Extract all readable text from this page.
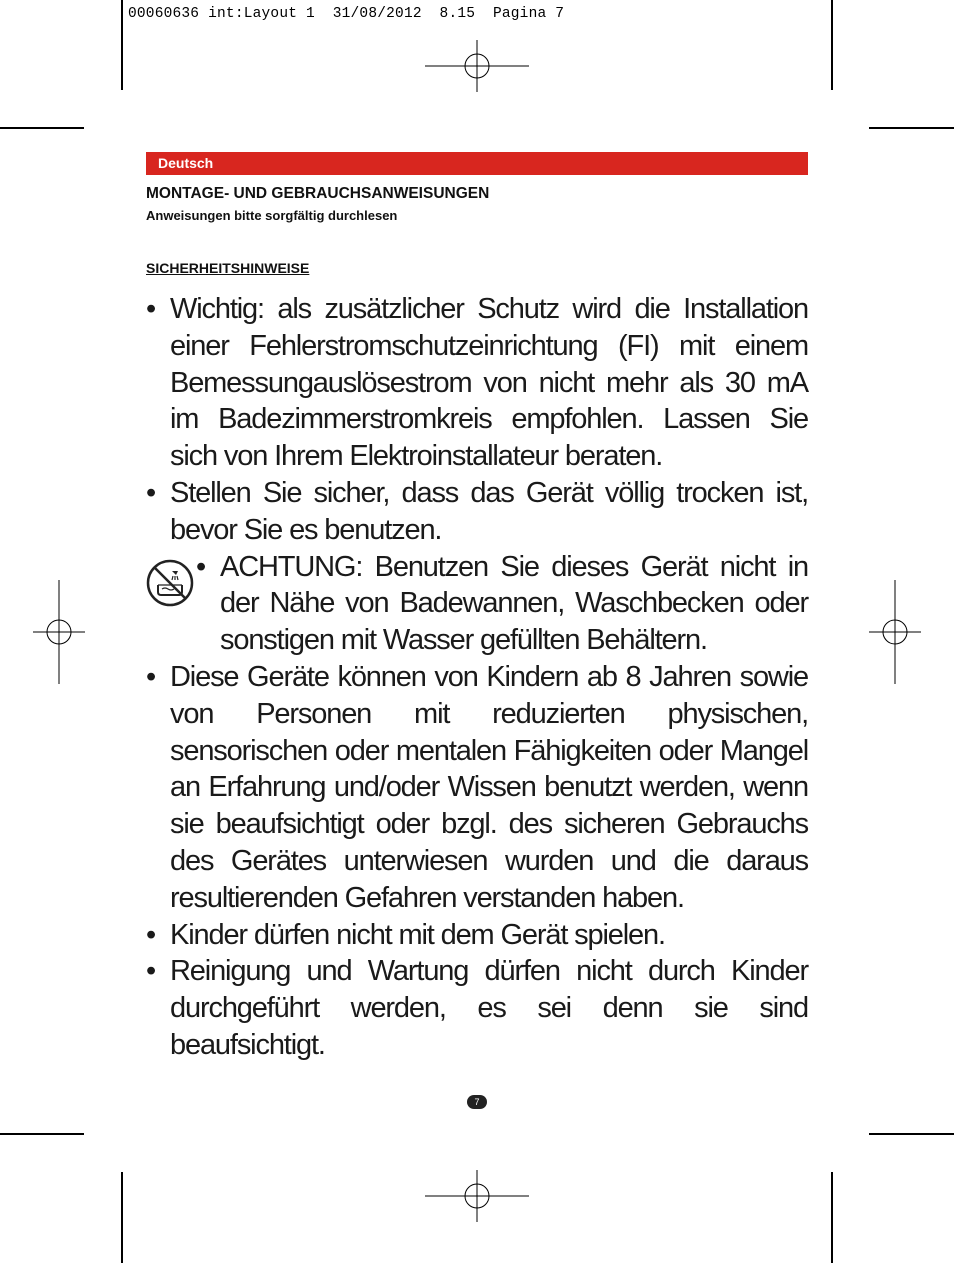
00060636 int:Layout 1  31/08/2012  8.15  Pagina 7
Deutsch
MONTAGE- UND GEBRAUCHSANWEISUNGEN
Anweisungen bitte sorgfältig durchlesen
SICHERHEITSHINWEISE

• Wichtig: als zusätzlicher Schutz wird die Installation einer Fehlerstromschutzeinrichtung (FI) mit einem Bemessungauslösestrom von nicht mehr als 30 mA im Badezimmerstromkreis empfohlen. Lassen Sie sich von Ihrem Elektroinstallateur beraten.

• Stellen Sie sicher, dass das Gerät völlig trocken ist, bevor Sie es benutzen.

• ACHTUNG: Benutzen Sie dieses Gerät nicht in der Nähe von Badewannen, Waschbecken oder sonstigen mit Wasser gefüllten Behältern.

• Diese Geräte können von Kindern ab 8 Jahren sowie von Personen mit reduzierten physischen, sensorischen oder mentalen Fähigkeiten oder Mangel an Erfahrung und/oder Wissen benutzt werden, wenn sie beaufsichtigt oder bzgl. des sicheren Gebrauchs des Gerätes unterwiesen wurden und die daraus resultierenden Gefahren verstanden haben.

• Kinder dürfen nicht mit dem Gerät spielen.

• Reinigung und Wartung dürfen nicht durch Kinder durchgeführt werden, es sei denn sie sind beaufsichtigt.

7
